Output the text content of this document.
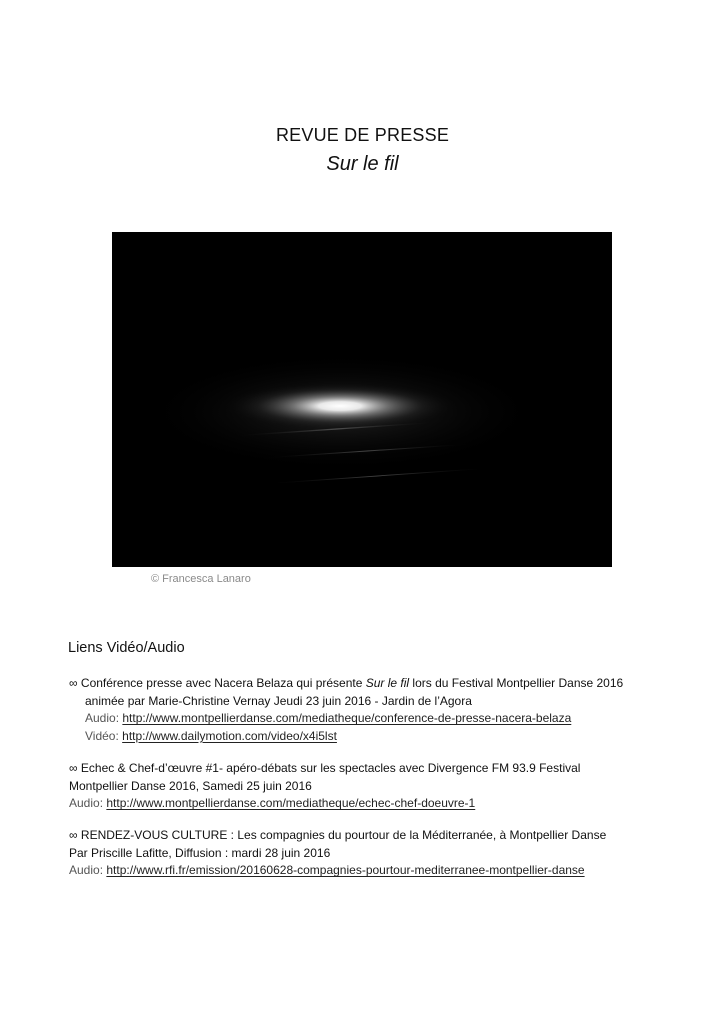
REVUE DE PRESSE
Sur le fil
© Francesca Lanaro
Liens Vidéo/Audio
∞ Conférence presse avec Nacera Belaza qui présente Sur le fil lors du Festival Montpellier Danse 2016
animée par Marie-Christine Vernay Jeudi 23 juin 2016 - Jardin de l’Agora
Audio: http://www.montpellierdanse.com/mediatheque/conference-de-presse-nacera-belaza
Vidéo: http://www.dailymotion.com/video/x4i5lst
∞ Echec & Chef-d’œuvre #1- apéro-débats sur les spectacles avec Divergence FM 93.9 Festival
Montpellier Danse 2016, Samedi 25 juin 2016
Audio: http://www.montpellierdanse.com/mediatheque/echec-chef-doeuvre-1
∞ RENDEZ-VOUS CULTURE : Les compagnies du pourtour de la Méditerranée, à Montpellier Danse
Par Priscille Lafitte, Diffusion : mardi 28 juin 2016
Audio: http://www.rfi.fr/emission/20160628-compagnies-pourtour-mediterranee-montpellier-danse
